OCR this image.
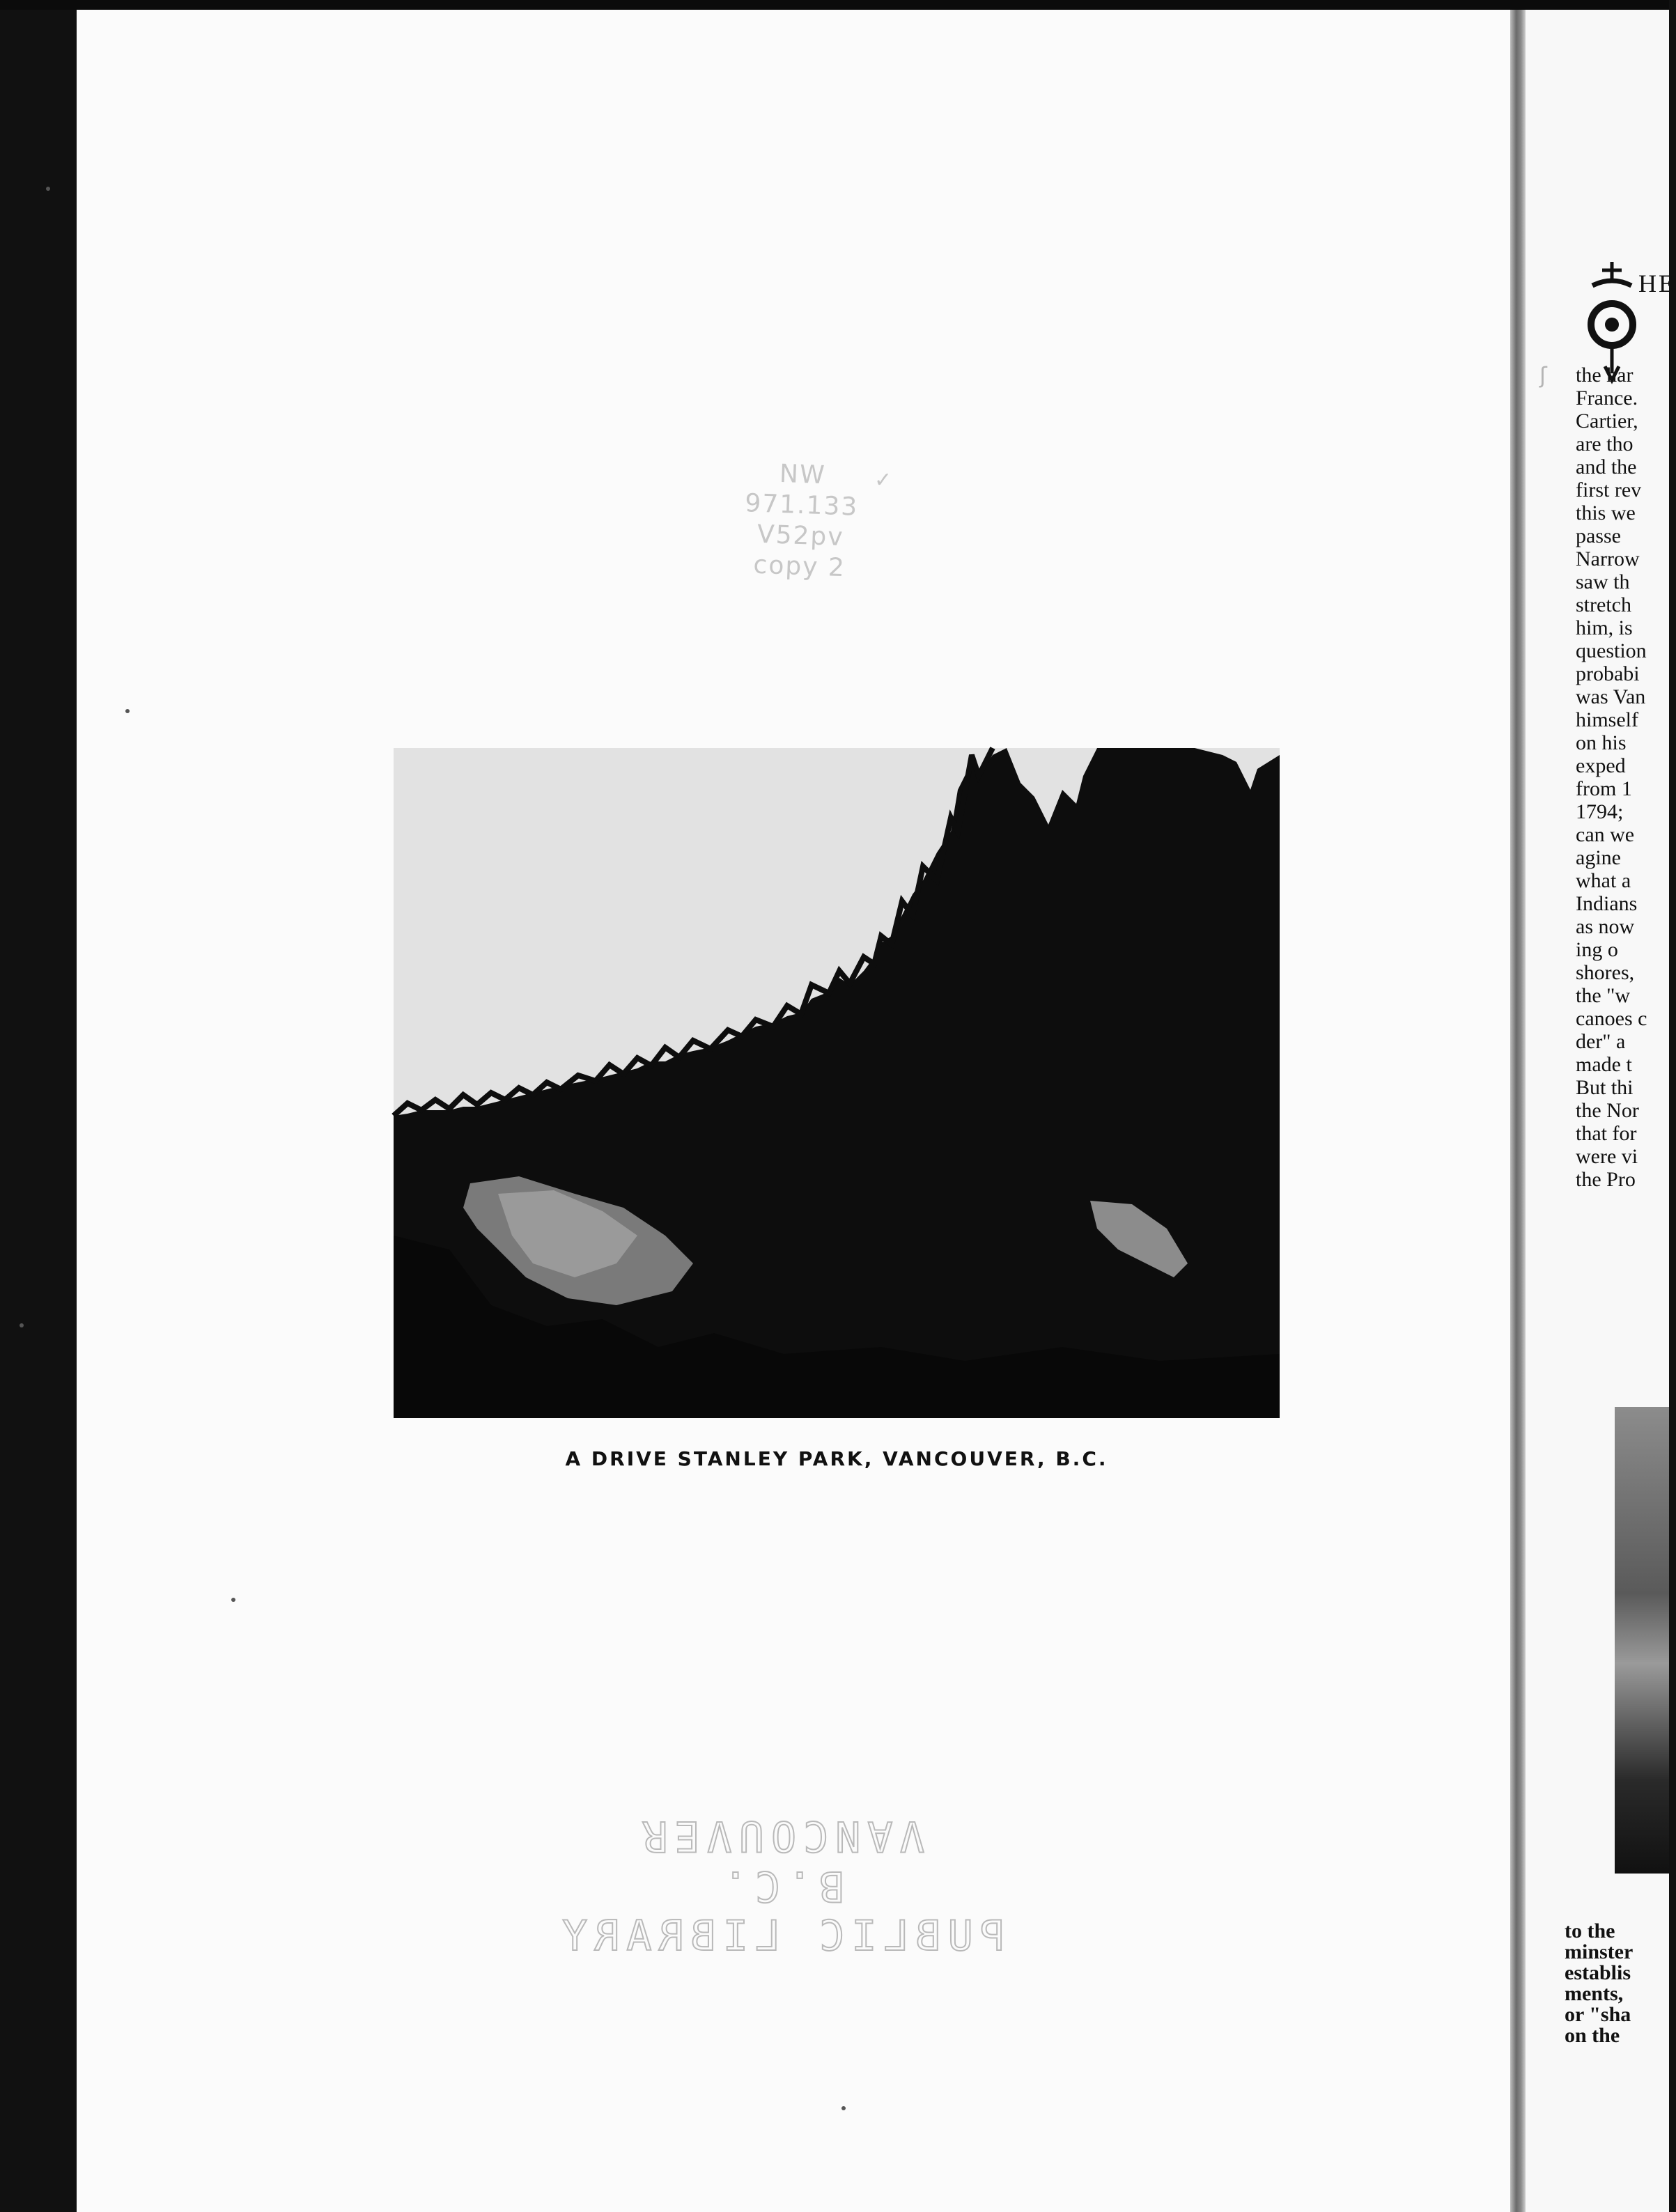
NW
971.133
V52pv
copy 2
✓
A DRIVE STANLEY PARK, VANCOUVER, B.C.
VANCOUVER
B.C.
PUBLIC LIBRARY
HE
ʃ the har
France.
Cartier,
are tho
and the
first rev
this we
passe
Narrow
saw th
stretch
him, is
question
probabi
was Van
himself
on his
exped
from 1
1794;
can we
agine
what a
Indians
as now
ing o
shores,
the "w
canoes c
der" a
made t
But thi
the Nor
that for
were vi
the Pro
to the
minster
establis
ments,
or "sha
on the
